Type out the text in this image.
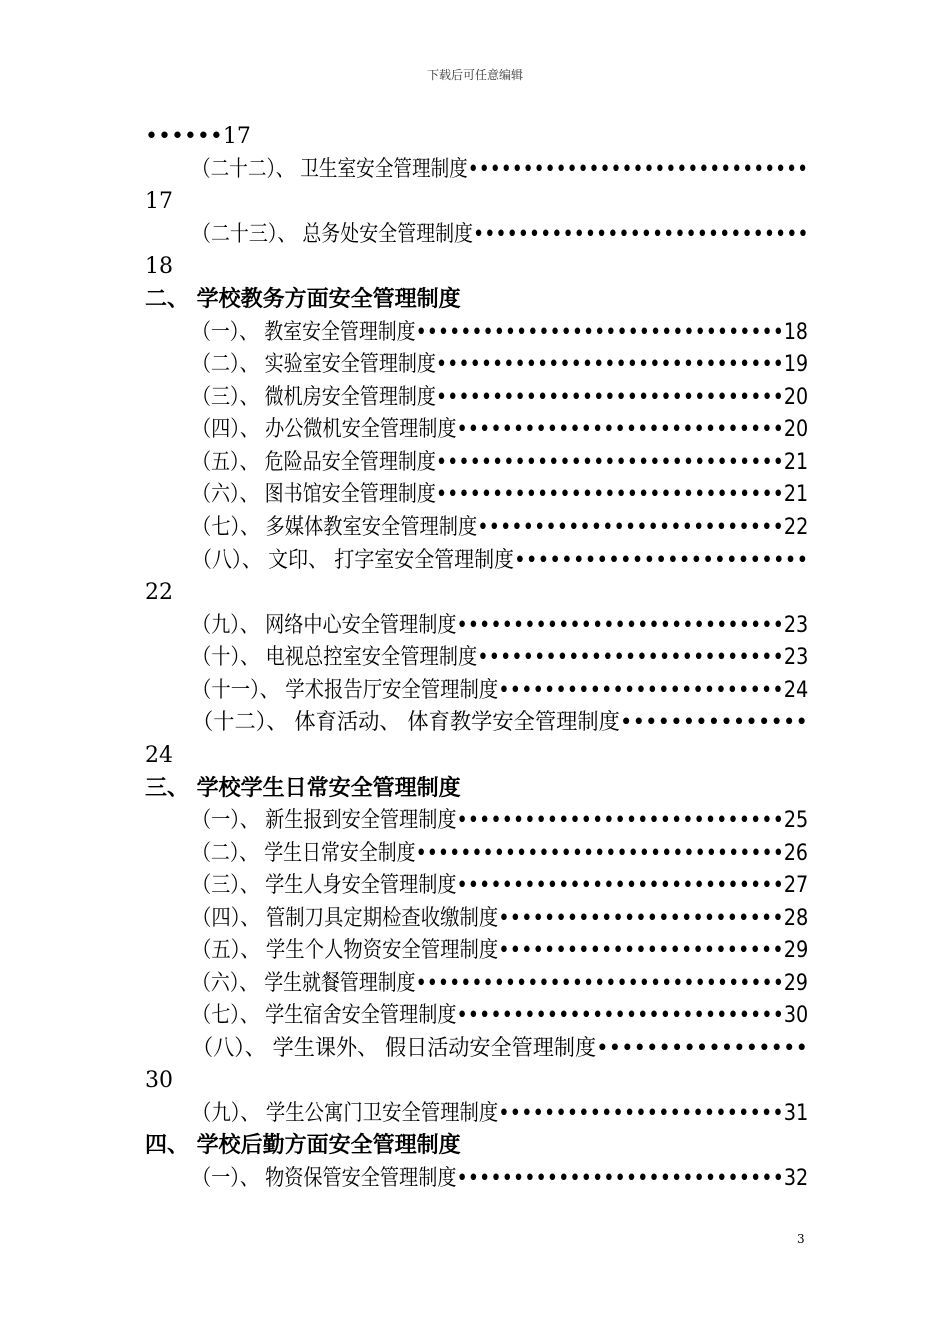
下载后可任意编辑
••••••17
（二十二）、 卫生室安全管理制度•••••••••••••••••••••••••••••••
17
（二十三）、 总务处安全管理制度••••••••••••••••••••••••••••••
18
二、 学校教务方面安全管理制度
（一）、 教室安全管理制度•••••••••••••••••••••••••••••••••18
（二）、 实验室安全管理制度•••••••••••••••••••••••••••••••19
（三）、 微机房安全管理制度•••••••••••••••••••••••••••••••20
（四）、 办公微机安全管理制度•••••••••••••••••••••••••••••20
（五）、 危险品安全管理制度•••••••••••••••••••••••••••••••21
（六）、 图书馆安全管理制度•••••••••••••••••••••••••••••••21
（七）、 多媒体教室安全管理制度•••••••••••••••••••••••••••22
（八）、 文印、 打字室安全管理制度•••••••••••••••••••••••••
22
（九）、 网络中心安全管理制度•••••••••••••••••••••••••••••23
（十）、 电视总控室安全管理制度•••••••••••••••••••••••••••23
（十一）、 学术报告厅安全管理制度•••••••••••••••••••••••••24
（十二）、 体育活动、 体育教学安全管理制度•••••••••••••••
24
三、 学校学生日常安全管理制度
（一）、 新生报到安全管理制度•••••••••••••••••••••••••••••25
（二）、 学生日常安全制度•••••••••••••••••••••••••••••••••26
（三）、 学生人身安全管理制度•••••••••••••••••••••••••••••27
（四）、 管制刀具定期检查收缴制度•••••••••••••••••••••••••28
（五）、 学生个人物资安全管理制度•••••••••••••••••••••••••29
（六）、 学生就餐管理制度•••••••••••••••••••••••••••••••••29
（七）、 学生宿舍安全管理制度•••••••••••••••••••••••••••••30
（八）、 学生课外、 假日活动安全管理制度•••••••••••••••••
30
（九）、 学生公寓门卫安全管理制度•••••••••••••••••••••••••31
四、 学校后勤方面安全管理制度
（一）、 物资保管安全管理制度•••••••••••••••••••••••••••••32
3
